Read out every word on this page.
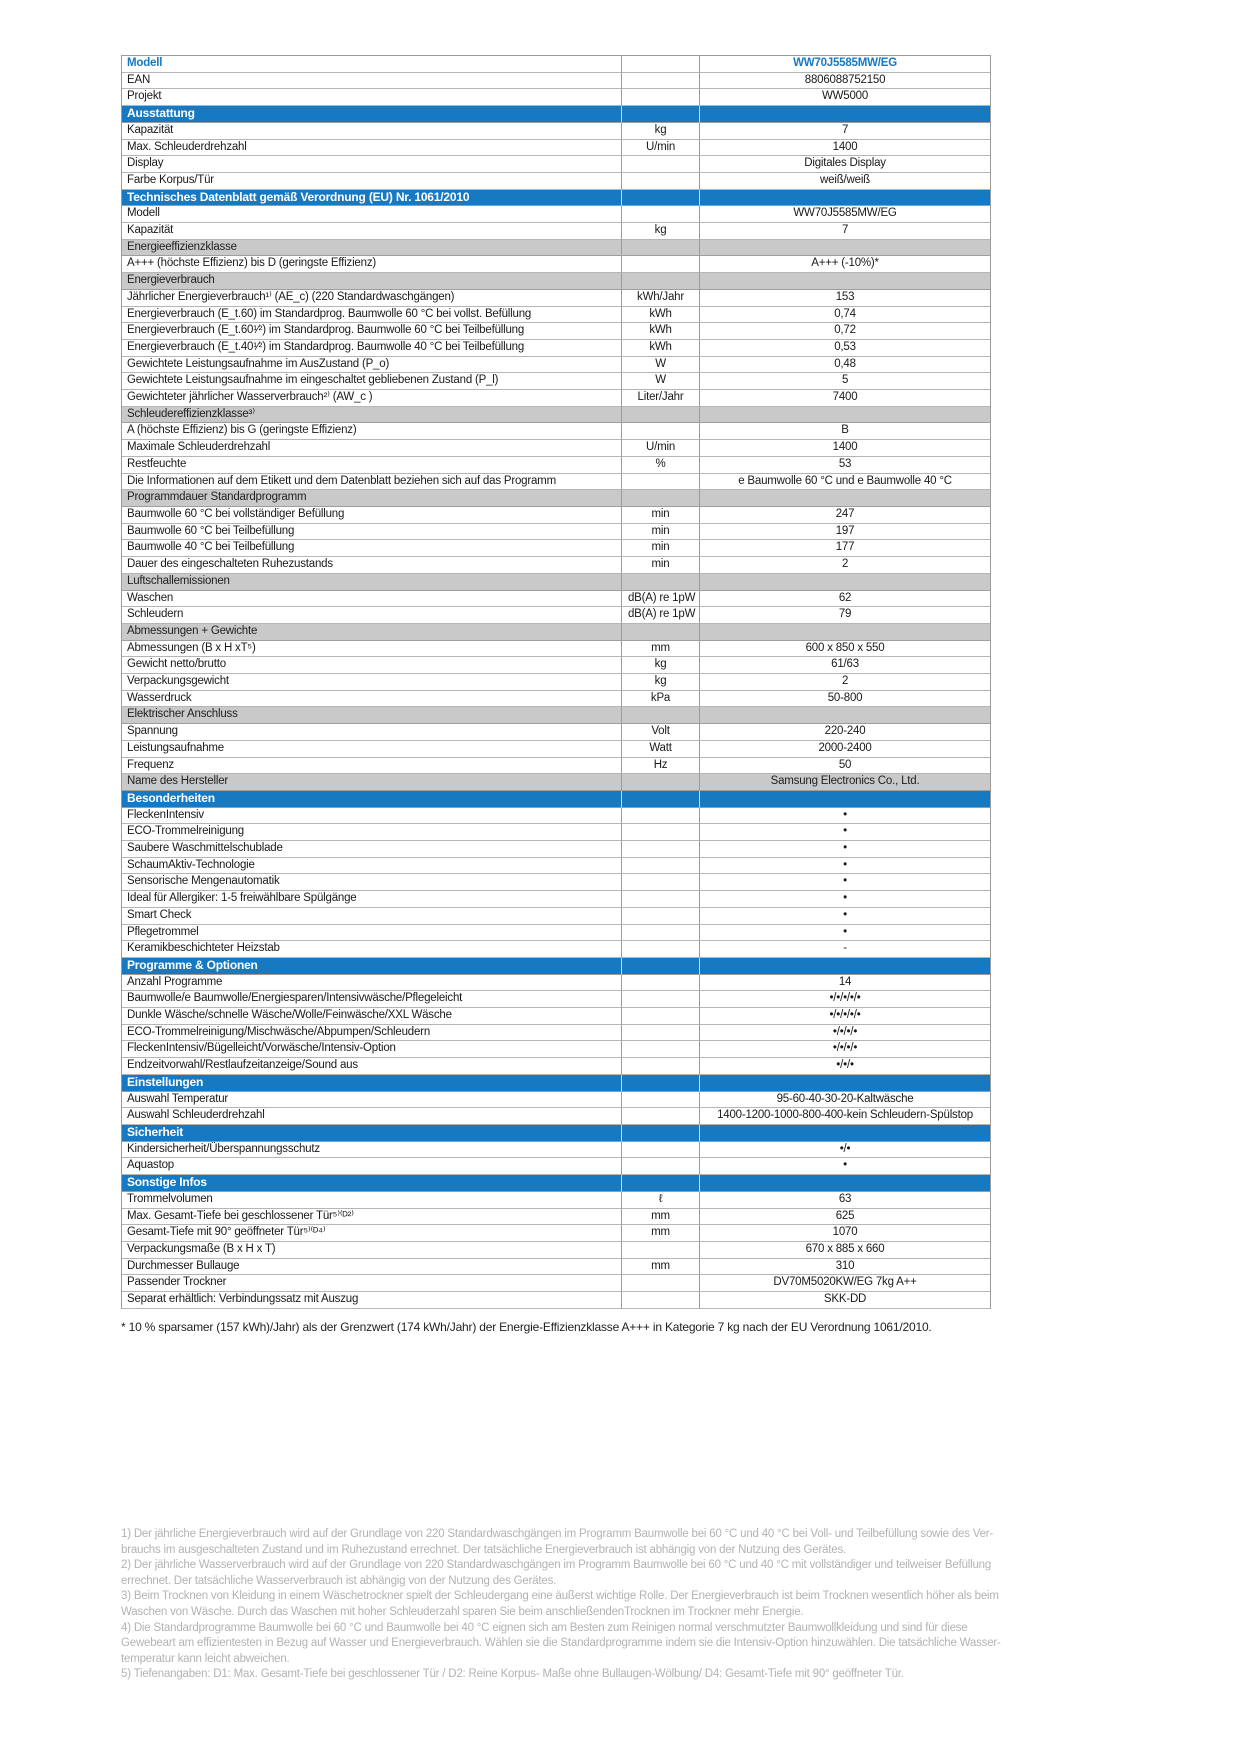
Modell		WW70J5585MW/EG
EAN		8806088752150
Projekt		WW5000
Ausstattung		
Kapazität	kg	7
Max. Schleuderdrehzahl	U/min	1400
Display		Digitales Display
Farbe Korpus/Tür		weiß/weiß
Technisches Datenblatt gemäß Verordnung (EU) Nr. 1061/2010		
Modell		WW70J5585MW/EG
Kapazität	kg	7
Energieeffizienzklasse		
A+++ (höchste Effizienz) bis D (geringste Effizienz)		A+++ (-10%)*
Energieverbrauch		
Jährlicher Energieverbrauch¹⁾ (AE_c) (220 Standardwaschgängen)	kWh/Jahr	153
Energieverbrauch (E_t.60) im Standardprog. Baumwolle 60 °C bei vollst. Befüllung	kWh	0,74
Energieverbrauch (E_t.60¹⁄²) im Standardprog. Baumwolle 60 °C bei Teilbefüllung	kWh	0,72
Energieverbrauch (E_t.40¹⁄²) im Standardprog. Baumwolle 40 °C bei Teilbefüllung	kWh	0,53
Gewichtete Leistungsaufnahme im AusZustand (P_o)	W	0,48
Gewichtete Leistungsaufnahme im eingeschaltet gebliebenen Zustand (P_l)	W	5
Gewichteter jährlicher Wasserverbrauch²⁾ (AW_c )	Liter/Jahr	7400
Schleudereffizienzklasse³⁾		
A (höchste Effizienz) bis G (geringste Effizienz)		B
Maximale Schleuderdrehzahl	U/min	1400
Restfeuchte	%	53
Die Informationen auf dem Etikett und dem Datenblatt beziehen sich auf das Programm		e Baumwolle 60 °C und e Baumwolle 40 °C
Programmdauer Standardprogramm		
Baumwolle 60 °C bei vollständiger Befüllung	min	247
Baumwolle 60 °C bei Teilbefüllung	min	197
Baumwolle 40 °C bei Teilbefüllung	min	177
Dauer des eingeschalteten Ruhezustands	min	2
Luftschallemissionen		
Waschen	dB(A) re 1pW	62
Schleudern	dB(A) re 1pW	79
Abmessungen + Gewichte		
Abmessungen (B x H xT⁵)	mm	600 x 850 x 550
Gewicht netto/brutto	kg	61/63
Verpackungsgewicht	kg	2
Wasserdruck	kPa	50-800
Elektrischer Anschluss		
Spannung	Volt	220-240
Leistungsaufnahme	Watt	2000-2400
Frequenz	Hz	50
Name des Hersteller		Samsung Electronics Co., Ltd.
Besonderheiten		
FleckenIntensiv		•
ECO-Trommelreinigung		•
Saubere Waschmittelschublade		•
SchaumAktiv-Technologie		•
Sensorische Mengenautomatik		•
Ideal für Allergiker: 1-5 freiwählbare Spülgänge		•
Smart Check		•
Pflegetrommel		•
Keramikbeschichteter Heizstab		-
Programme & Optionen		
Anzahl Programme		14
Baumwolle/e Baumwolle/Energiesparen/Intensivwäsche/Pflegeleicht		•/•/•/•/•
Dunkle Wäsche/schnelle Wäsche/Wolle/Feinwäsche/XXL Wäsche		•/•/•/•/•
ECO-Trommelreinigung/Mischwäsche/Abpumpen/Schleudern		•/•/•/•
FleckenIntensiv/Bügelleicht/Vorwäsche/Intensiv-Option		•/•/•/•
Endzeitvorwahl/Restlaufzeitanzeige/Sound aus		•/•/•
Einstellungen		
Auswahl Temperatur		95-60-40-30-20-Kaltwäsche
Auswahl Schleuderdrehzahl		1400-1200-1000-800-400-kein Schleudern-Spülstop
Sicherheit		
Kindersicherheit/Überspannungsschutz		•/•
Aquastop		•
Sonstige Infos		
Trommelvolumen	ℓ	63
Max. Gesamt-Tiefe bei geschlossener Tür⁵⁾⁽ᴰ²⁾	mm	625
Gesamt-Tiefe mit 90° geöffneter Tür⁵⁾⁽ᴰ⁴⁾	mm	1070
Verpackungsmaße (B x H x T)		670 x 885 x 660
Durchmesser Bullauge	mm	310
Passender Trockner		DV70M5020KW/EG 7kg A++
Separat erhältlich: Verbindungssatz mit Auszug		SKK-DD
* 10 % sparsamer (157 kWh)/Jahr) als der Grenzwert (174 kWh/Jahr) der Energie-Effizienzklasse A+++ in Kategorie 7 kg nach der EU Verordnung 1061/2010.
1) Der jährliche Energieverbrauch wird auf der Grundlage von 220 Standardwaschgängen im Programm Baumwolle bei 60 °C und 40 °C bei Voll- und Teilbefüllung sowie des Ver-
brauchs im ausgeschalteten Zustand und im Ruhezustand errechnet. Der tatsächliche Energieverbrauch ist abhängig von der Nutzung des Gerätes.
2) Der jährliche Wasserverbrauch wird auf der Grundlage von 220 Standardwaschgängen im Programm Baumwolle bei 60 °C und 40 °C mit vollständiger und teilweiser Befüllung
errechnet. Der tatsächliche Wasserverbrauch ist abhängig von der Nutzung des Gerätes.
3) Beim Trocknen von Kleidung in einem Wäschetrockner spielt der Schleudergang eine äußerst wichtige Rolle. Der Energieverbrauch ist beim Trocknen wesentlich höher als beim
Waschen von Wäsche. Durch das Waschen mit hoher Schleuderzahl sparen Sie beim anschließendenTrocknen im Trockner mehr Energie.
4) Die Standardprogramme Baumwolle bei 60 °C und Baumwolle bei 40 °C eignen sich am Besten zum Reinigen normal verschmutzter Baumwollkleidung und sind für diese
Gewebeart am effizientesten in Bezug auf Wasser und Energieverbrauch. Wählen sie die Standardprogramme indem sie die Intensiv-Option hinzuwählen. Die tatsächliche Wasser-
temperatur kann leicht abweichen.
5) Tiefenangaben: D1: Max. Gesamt-Tiefe bei geschlossener Tür / D2: Reine Korpus- Maße ohne Bullaugen-Wölbung/ D4: Gesamt-Tiefe mit 90° geöffneter Tür.
